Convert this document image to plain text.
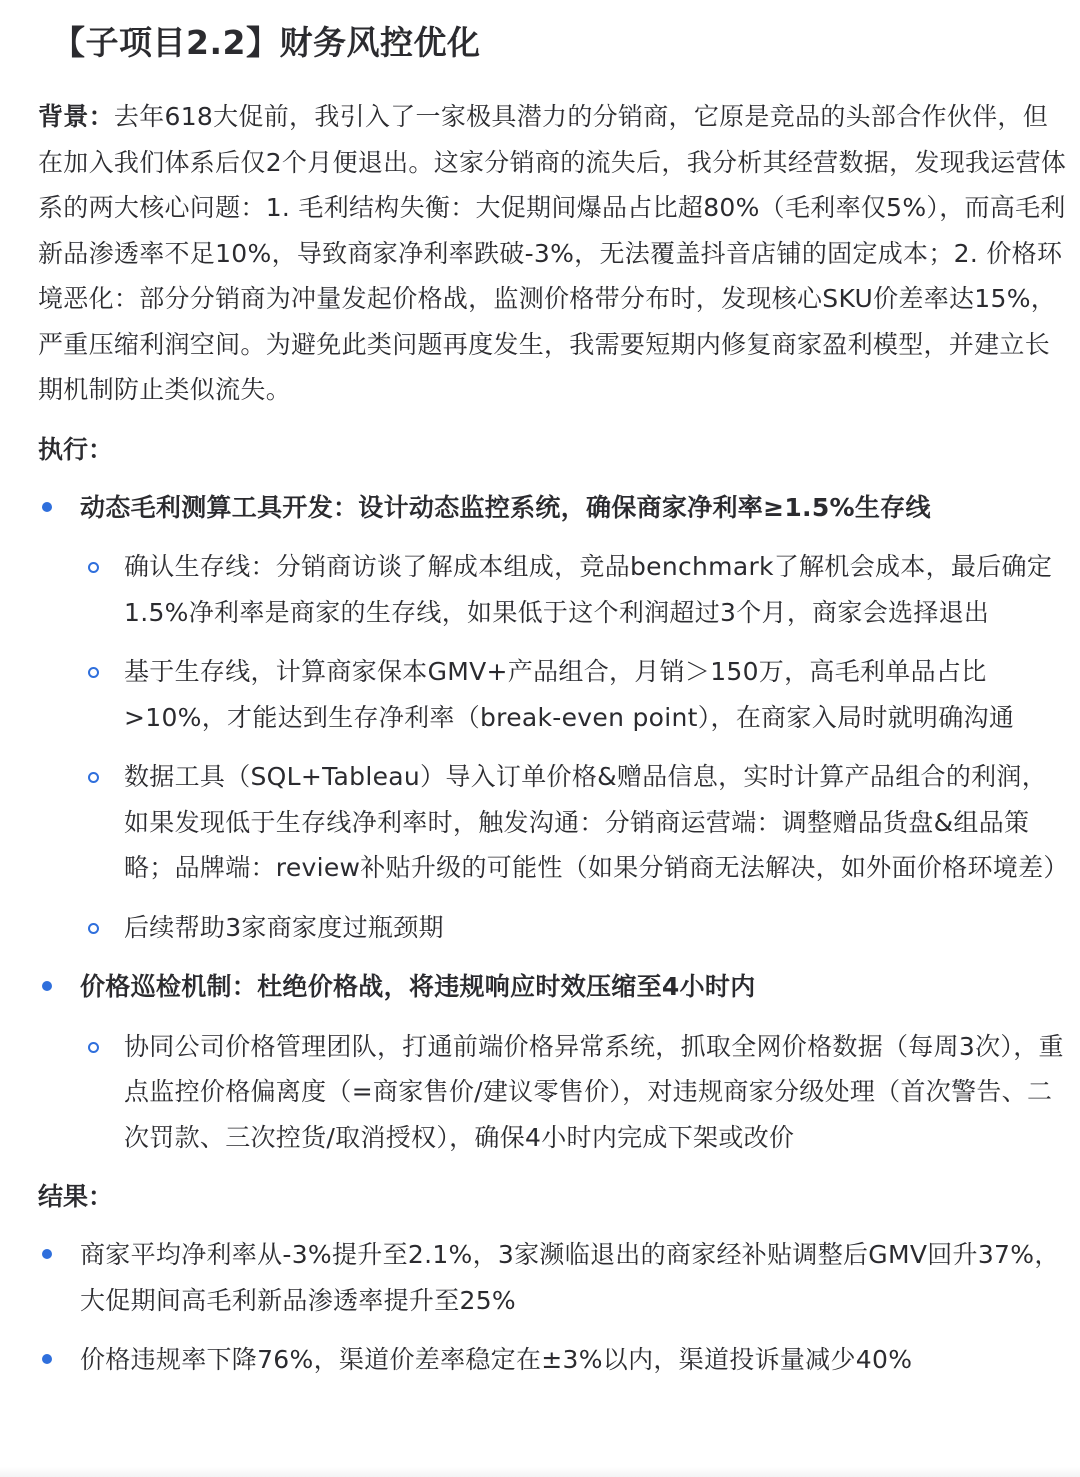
【子项目2.2】财务风控优化

背景：去年618大促前，我引入了一家极具潜力的分销商，它原是竞品的头部合作伙伴，但在加入我们体系后仅2个月便退出。这家分销商的流失后，我分析其经营数据，发现我运营体系的两大核心问题：1. 毛利结构失衡：大促期间爆品占比超80%（毛利率仅5%），而高毛利新品渗透率不足10%，导致商家净利率跌破-3%，无法覆盖抖音店铺的固定成本；2. 价格环境恶化：部分分销商为冲量发起价格战，监测价格带分布时，发现核心SKU价差率达15%，严重压缩利润空间。为避免此类问题再度发生，我需要短期内修复商家盈利模型，并建立长期机制防止类似流失。

执行：
动态毛利测算工具开发：设计动态监控系统，确保商家净利率≥1.5%生存线
确认生存线：分销商访谈了解成本组成，竞品benchmark了解机会成本，最后确定1.5%净利率是商家的生存线，如果低于这个利润超过3个月，商家会选择退出
基于生存线，计算商家保本GMV+产品组合，月销＞150万，高毛利单品占比>10%，才能达到生存净利率（break-even point），在商家入局时就明确沟通
数据工具（SQL+Tableau）导入订单价格&赠品信息，实时计算产品组合的利润，如果发现低于生存线净利率时，触发沟通：分销商运营端：调整赠品货盘&组品策略；品牌端：review补贴升级的可能性（如果分销商无法解决，如外面价格环境差）
后续帮助3家商家度过瓶颈期
价格巡检机制：杜绝价格战，将违规响应时效压缩至4小时内
协同公司价格管理团队，打通前端价格异常系统，抓取全网价格数据（每周3次），重点监控价格偏离度（=商家售价/建议零售价），对违规商家分级处理（首次警告、二次罚款、三次控货/取消授权），确保4小时内完成下架或改价
结果：
商家平均净利率从-3%提升至2.1%，3家濒临退出的商家经补贴调整后GMV回升37%，大促期间高毛利新品渗透率提升至25%
价格违规率下降76%，渠道价差率稳定在±3%以内，渠道投诉量减少40%
